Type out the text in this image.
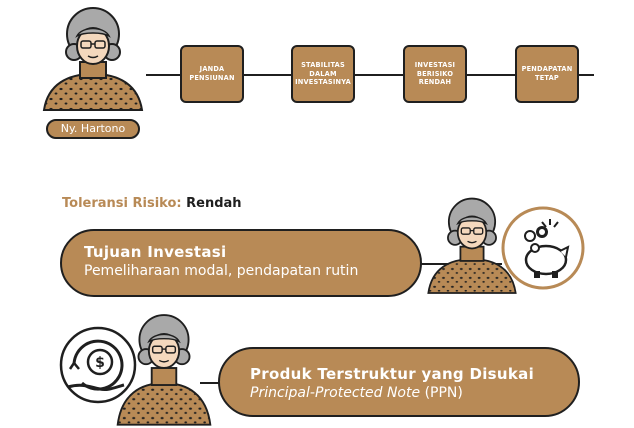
Ny. Hartono
JANDA PENSIUNAN
STABILITAS DALAM INVESTASINYA
INVESTASI BERISIKO RENDAH
PENDAPATAN TETAP
Toleransi Risiko: Rendah
Tujuan Investasi
Pemeliharaan modal, pendapatan rutin
$
Produk Terstruktur yang Disukai
Principal-Protected Note (PPN)
